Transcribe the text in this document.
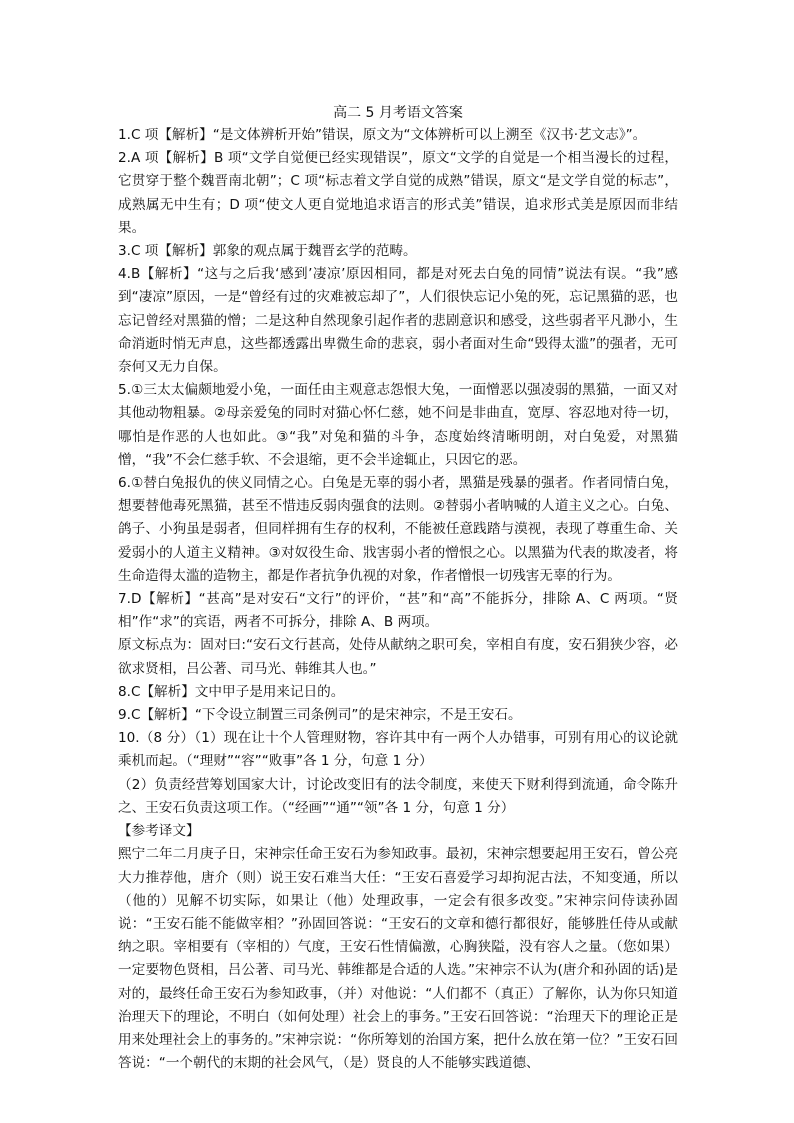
高二 5 月考语文答案

1.C 项【解析】“是文体辨析开始”错误，原文为“文体辨析可以上溯至《汉书·艺文志》”。

2.A 项【解析】B 项“文学自觉便已经实现错误”，原文“文学的自觉是一个相当漫长的过程，它贯穿于整个魏晋南北朝”；C 项“标志着文学自觉的成熟”错误，原文“是文学自觉的标志”，成熟属无中生有；D 项“使文人更自觉地追求语言的形式美”错误，追求形式美是原因而非结果。

3.C 项【解析】郭象的观点属于魏晋玄学的范畴。

4.B【解析】“这与之后我‘感到’凄凉’原因相同，都是对死去白兔的同情”说法有误。“我”感到“凄凉”原因，一是“曾经有过的灾难被忘却了”，人们很快忘记小兔的死，忘记黑猫的恶，也忘记曾经对黑猫的憎；二是这种自然现象引起作者的悲剧意识和感受，这些弱者平凡渺小，生命消逝时悄无声息，这些都透露出卑微生命的悲哀，弱小者面对生命“毁得太滥”的强者，无可奈何又无力自保。

5.①三太太偏颇地爱小兔，一面任由主观意志怨恨大兔，一面憎恶以强凌弱的黑猫，一面又对其他动物粗暴。②母亲爱兔的同时对猫心怀仁慈，她不问是非曲直，宽厚、容忍地对待一切，哪怕是作恶的人也如此。③“我”对兔和猫的斗争，态度始终清晰明朗，对白兔爱，对黑猫憎，“我”不会仁慈手软、不会退缩，更不会半途辄止，只因它的恶。

6.①替白兔报仇的侠义同情之心。白兔是无辜的弱小者，黑猫是残暴的强者。作者同情白兔，想要替他毒死黑猫，甚至不惜违反弱肉强食的法则。②替弱小者呐喊的人道主义之心。白兔、鸽子、小狗虽是弱者，但同样拥有生存的权利，不能被任意践踏与漠视，表现了尊重生命、关爱弱小的人道主义精神。③对奴役生命、戕害弱小者的憎恨之心。以黑猫为代表的欺凌者，将生命造得太滥的造物主，都是作者抗争仇视的对象，作者憎恨一切残害无辜的行为。

7.D【解析】“甚高”是对安石“文行”的评价，“甚”和“高”不能拆分，排除 A、C 两项。“贤相”作“求”的宾语，两者不可拆分，排除 A、B 两项。

原文标点为：固对曰:“安石文行甚高，处侍从献纳之职可矣，宰相自有度，安石狷狭少容，必欲求贤相，吕公著、司马光、韩维其人也。”

8.C【解析】文中甲子是用来记日的。

9.C【解析】“下令设立制置三司条例司”的是宋神宗，不是王安石。

10.（8 分）（1）现在让十个人管理财物，容许其中有一两个人办错事，可别有用心的议论就乘机而起。（“理财”“容”“败事”各 1 分，句意 1 分）

（2）负责经营筹划国家大计，讨论改变旧有的法令制度，来使天下财利得到流通，命令陈升之、王安石负责这项工作。（“经画”“通”“领”各 1 分，句意 1 分）

【参考译文】

熙宁二年二月庚子日，宋神宗任命王安石为参知政事。最初，宋神宗想要起用王安石，曾公亮大力推荐他，唐介（则）说王安石难当大任：“王安石喜爱学习却拘泥古法，不知变通，所以（他的）见解不切实际，如果让（他）处理政事，一定会有很多改变。”宋神宗问侍读孙固说：“王安石能不能做宰相？”孙固回答说：“王安石的文章和德行都很好，能够胜任侍从或献纳之职。宰相要有（宰相的）气度，王安石性情偏激，心胸狭隘，没有容人之量。（您如果）一定要物色贤相，吕公著、司马光、韩维都是合适的人选。”宋神宗不认为(唐介和孙固的话)是对的，最终任命王安石为参知政事，（并）对他说：“人们都不（真正）了解你，认为你只知道治理天下的理论，不明白（如何处理）社会上的事务。”王安石回答说：“治理天下的理论正是用来处理社会上的事务的。”宋神宗说：“你所筹划的治国方案，把什么放在第一位？”王安石回答说：“一个朝代的末期的社会风气，（是）贤良的人不能够实践道德、
